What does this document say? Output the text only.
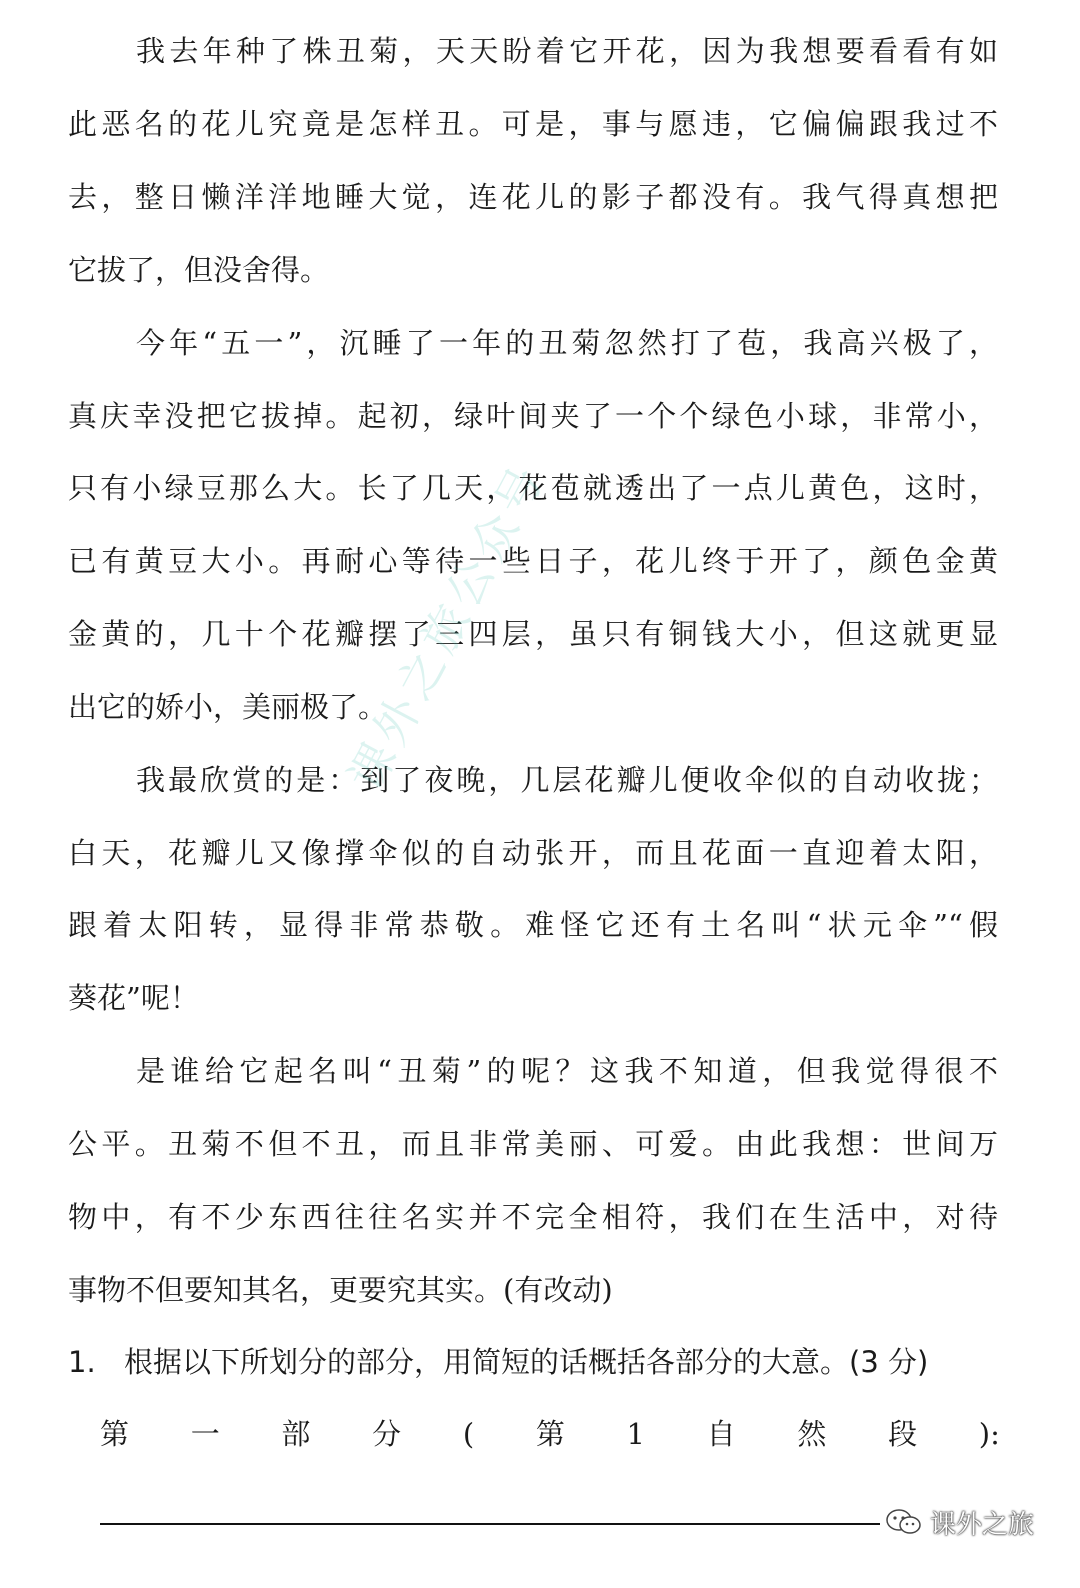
我去年种了株丑菊，天天盼着它开花，因为我想要看看有如
此恶名的花儿究竟是怎样丑。可是，事与愿违，它偏偏跟我过不
去，整日懒洋洋地睡大觉，连花儿的影子都没有。我气得真想把
它拔了，但没舍得。
今年“五一”，沉睡了一年的丑菊忽然打了苞，我高兴极了，
真庆幸没把它拔掉。起初，绿叶间夹了一个个绿色小球，非常小，
只有小绿豆那么大。长了几天，花苞就透出了一点儿黄色，这时，
已有黄豆大小。再耐心等待一些日子，花儿终于开了，颜色金黄
金黄的，几十个花瓣摆了三四层，虽只有铜钱大小，但这就更显
出它的娇小，美丽极了。
我最欣赏的是：到了夜晚，几层花瓣儿便收伞似的自动收拢；
白天，花瓣儿又像撑伞似的自动张开，而且花面一直迎着太阳，
跟着太阳转，显得非常恭敬。难怪它还有土名叫“状元伞”“假
葵花”呢！
是谁给它起名叫“丑菊”的呢？这我不知道，但我觉得很不
公平。丑菊不但不丑，而且非常美丽、可爱。由此我想：世间万
物中，有不少东西往往名实并不完全相符，我们在生活中，对待
事物不但要知其名，更要究其实。(有改动)
1. 根据以下所划分的部分，用简短的话概括各部分的大意。(3 分)
第 一 部 分 ( 第 1 自 然 段 ):
课外之旅公众号
课外之旅
